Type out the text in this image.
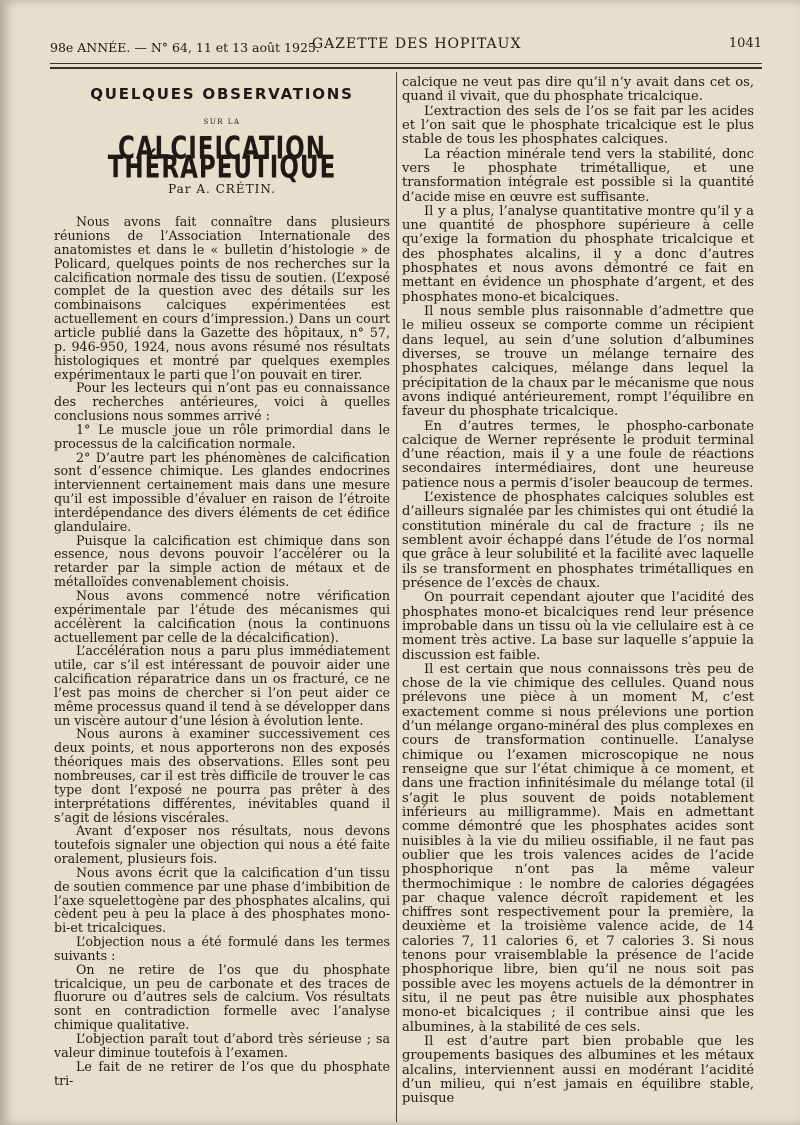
98e ANNÉE. — N° 64, 11 et 13 août 1925.
GAZETTE DES HOPITAUX	1041
QUELQUES OBSERVATIONS
SUR LA
CALCIFICATION THÉRAPEUTIQUE
Par A. CRÉTIN.

Nous avons fait connaître dans plusieurs réunions de l’Association Internationale des anatomistes et dans le « bulletin d’histologie » de Policard, quelques points de nos recherches sur la calcification normale des tissu de soutien. (L’exposé complet de la question avec des détails sur les combinaisons calciques expérimentées est actuellement en cours d’impression.) Dans un court article publié dans la Gazette des hôpitaux, n° 57, p. 946-950, 1924, nous avons résumé nos résultats histologiques et montré par quelques exemples expérimentaux le parti que l’on pouvait en tirer.

Pour les lecteurs qui n’ont pas eu connaissance des recherches antérieures, voici à quelles conclusions nous sommes arrivé :

1° Le muscle joue un rôle primordial dans le processus de la calcification normale.

2° D’autre part les phénomènes de calcification sont d’essence chimique. Les glandes endocrines interviennent certainement mais dans une mesure qu’il est impossible d’évaluer en raison de l’étroite interdépendance des divers éléments de cet édifice glandulaire.

Puisque la calcification est chimique dans son essence, nous devons pouvoir l’accélérer ou la retarder par la simple action de métaux et de métalloïdes convenablement choisis.

Nous avons commencé notre vérification expérimentale par l’étude des mécanismes qui accélèrent la calcification (nous la continuons actuellement par celle de la décalcification).

L’accélération nous a paru plus immédiatement utile, car s’il est intéressant de pouvoir aider une calcification réparatrice dans un os fracturé, ce ne l’est pas moins de chercher si l’on peut aider ce même processus quand il tend à se développer dans un viscère autour d’une lésion à évolution lente.

Nous aurons à examiner successivement ces deux points, et nous apporterons non des exposés théoriques mais des observations. Elles sont peu nombreuses, car il est très difficile de trouver le cas type dont l’exposé ne pourra pas prêter à des interprétations différentes, inévitables quand il s’agit de lésions viscérales.

Avant d’exposer nos résultats, nous devons toutefois signaler une objection qui nous a été faite oralement, plusieurs fois.

Nous avons écrit que la calcification d’un tissu de soutien commence par une phase d’imbibition de l’axe squelettogène par des phosphates alcalins, qui cèdent peu à peu la place à des phosphates mono-bi-et tricalciques.

L’objection nous a été formulé dans les termes suivants :

On ne retire de l’os que du phosphate tricalcique, un peu de carbonate et des traces de fluorure ou d’autres sels de calcium. Vos résultats sont en contradiction formelle avec l’analyse chimique qualitative.

L’objection paraît tout d’abord très sérieuse ; sa valeur diminue toutefois à l’examen.

Le fait de ne retirer de l’os que du phosphate tri-

calcique ne veut pas dire qu’il n’y avait dans cet os, quand il vivait, que du phosphate tricalcique.

L’extraction des sels de l’os se fait par les acides et l’on sait que le phosphate tricalcique est le plus stable de tous les phosphates calciques.

La réaction minérale tend vers la stabilité, donc vers le phosphate trimétallique, et une transformation intégrale est possible si la quantité d’acide mise en œuvre est suffisante.

Il y a plus, l’analyse quantitative montre qu’il y a une quantité de phosphore supérieure à celle qu’exige la formation du phosphate tricalcique et des phosphates alcalins, il y a donc d’autres phosphates et nous avons démontré ce fait en mettant en évidence un phosphate d’argent, et des phosphates mono-et bicalciques.

Il nous semble plus raisonnable d’admettre que le milieu osseux se comporte comme un récipient dans lequel, au sein d’une solution d’albumines diverses, se trouve un mélange ternaire des phosphates calciques, mélange dans lequel la précipitation de la chaux par le mécanisme que nous avons indiqué antérieurement, rompt l’équilibre en faveur du phosphate tricalcique.

En d’autres termes, le phospho-carbonate calcique de Werner représente le produit terminal d’une réaction, mais il y a une foule de réactions secondaires intermédiaires, dont une heureuse patience nous a permis d’isoler beaucoup de termes.

L’existence de phosphates calciques solubles est d’ailleurs signalée par les chimistes qui ont étudié la constitution minérale du cal de fracture ; ils ne semblent avoir échappé dans l’étude de l’os normal que grâce à leur solubilité et la facilité avec laquelle ils se transforment en phosphates trimétalliques en présence de l’excès de chaux.

On pourrait cependant ajouter que l’acidité des phosphates mono-et bicalciques rend leur présence improbable dans un tissu où la vie cellulaire est à ce moment très active. La base sur laquelle s’appuie la discussion est faible.

Il est certain que nous connaissons très peu de chose de la vie chimique des cellules. Quand nous prélevons une pièce à un moment M, c’est exactement comme si nous prélevions une portion d’un mélange organo-minéral des plus complexes en cours de transformation continuelle. L’analyse chimique ou l’examen microscopique ne nous renseigne que sur l’état chimique à ce moment, et dans une fraction infinitésimale du mélange total (il s’agit le plus souvent de poids notablement inférieurs au milligramme). Mais en admettant comme démontré que les phosphates acides sont nuisibles à la vie du milieu ossifiable, il ne faut pas oublier que les trois valences acides de l’acide phosphorique n’ont pas la même valeur thermochimique : le nombre de calories dégagées par chaque valence décroît rapidement et les chiffres sont respectivement pour la première, la deuxième et la troisième valence acide, de 14 calories 7, 11 calories 6, et 7 calories 3. Si nous tenons pour vraisemblable la présence de l’acide phosphorique libre, bien qu’il ne nous soit pas possible avec les moyens actuels de la démontrer in situ, il ne peut pas être nuisible aux phosphates mono-et bicalciques ; il contribue ainsi que les albumines, à la stabilité de ces sels.

Il est d’autre part bien probable que les groupements basiques des albumines et les métaux alcalins, interviennent aussi en modérant l’acidité d’un milieu, qui n’est jamais en équilibre stable, puisque
